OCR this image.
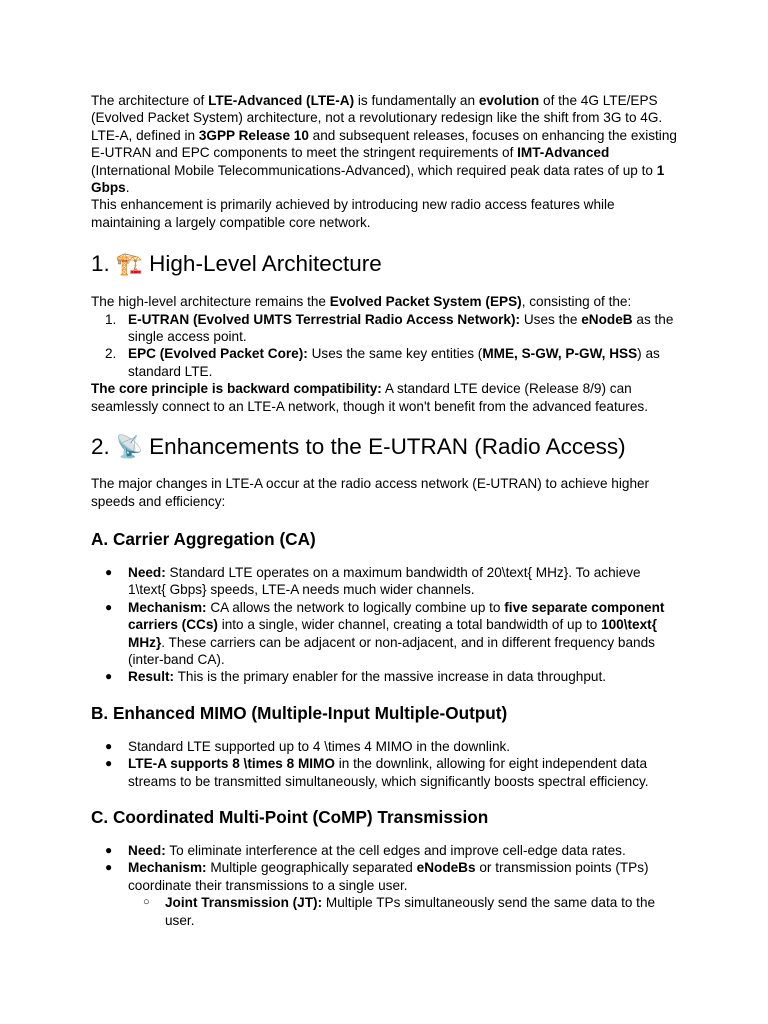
The architecture of LTE-Advanced (LTE-A) is fundamentally an evolution of the 4G LTE/EPS (Evolved Packet System) architecture, not a revolutionary redesign like the shift from 3G to 4G. LTE-A, defined in 3GPP Release 10 and subsequent releases, focuses on enhancing the existing E-UTRAN and EPC components to meet the stringent requirements of IMT-Advanced (International Mobile Telecommunications-Advanced), which required peak data rates of up to 1 Gbps.

This enhancement is primarily achieved by introducing new radio access features while maintaining a largely compatible core network.

1. 🏗️ High-Level Architecture

The high-level architecture remains the Evolved Packet System (EPS), consisting of the:

1. E-UTRAN (Evolved UMTS Terrestrial Radio Access Network): Uses the eNodeB as the single access point.
2. EPC (Evolved Packet Core): Uses the same key entities (MME, S-GW, P-GW, HSS) as standard LTE.

The core principle is backward compatibility: A standard LTE device (Release 8/9) can seamlessly connect to an LTE-A network, though it won't benefit from the advanced features.

2. 📡 Enhancements to the E-UTRAN (Radio Access)

The major changes in LTE-A occur at the radio access network (E-UTRAN) to achieve higher speeds and efficiency:

A. Carrier Aggregation (CA)
● Need: Standard LTE operates on a maximum bandwidth of 20\text{ MHz}. To achieve 1\text{ Gbps} speeds, LTE-A needs much wider channels.
● Mechanism: CA allows the network to logically combine up to five separate component carriers (CCs) into a single, wider channel, creating a total bandwidth of up to 100\text{ MHz}. These carriers can be adjacent or non-adjacent, and in different frequency bands (inter-band CA).
● Result: This is the primary enabler for the massive increase in data throughput.
B. Enhanced MIMO (Multiple-Input Multiple-Output)
● Standard LTE supported up to 4 \times 4 MIMO in the downlink.
● LTE-A supports 8 \times 8 MIMO in the downlink, allowing for eight independent data streams to be transmitted simultaneously, which significantly boosts spectral efficiency.
C. Coordinated Multi-Point (CoMP) Transmission
● Need: To eliminate interference at the cell edges and improve cell-edge data rates.
● Mechanism: Multiple geographically separated eNodeBs or transmission points (TPs) coordinate their transmissions to a single user.
○ Joint Transmission (JT): Multiple TPs simultaneously send the same data to the user.
